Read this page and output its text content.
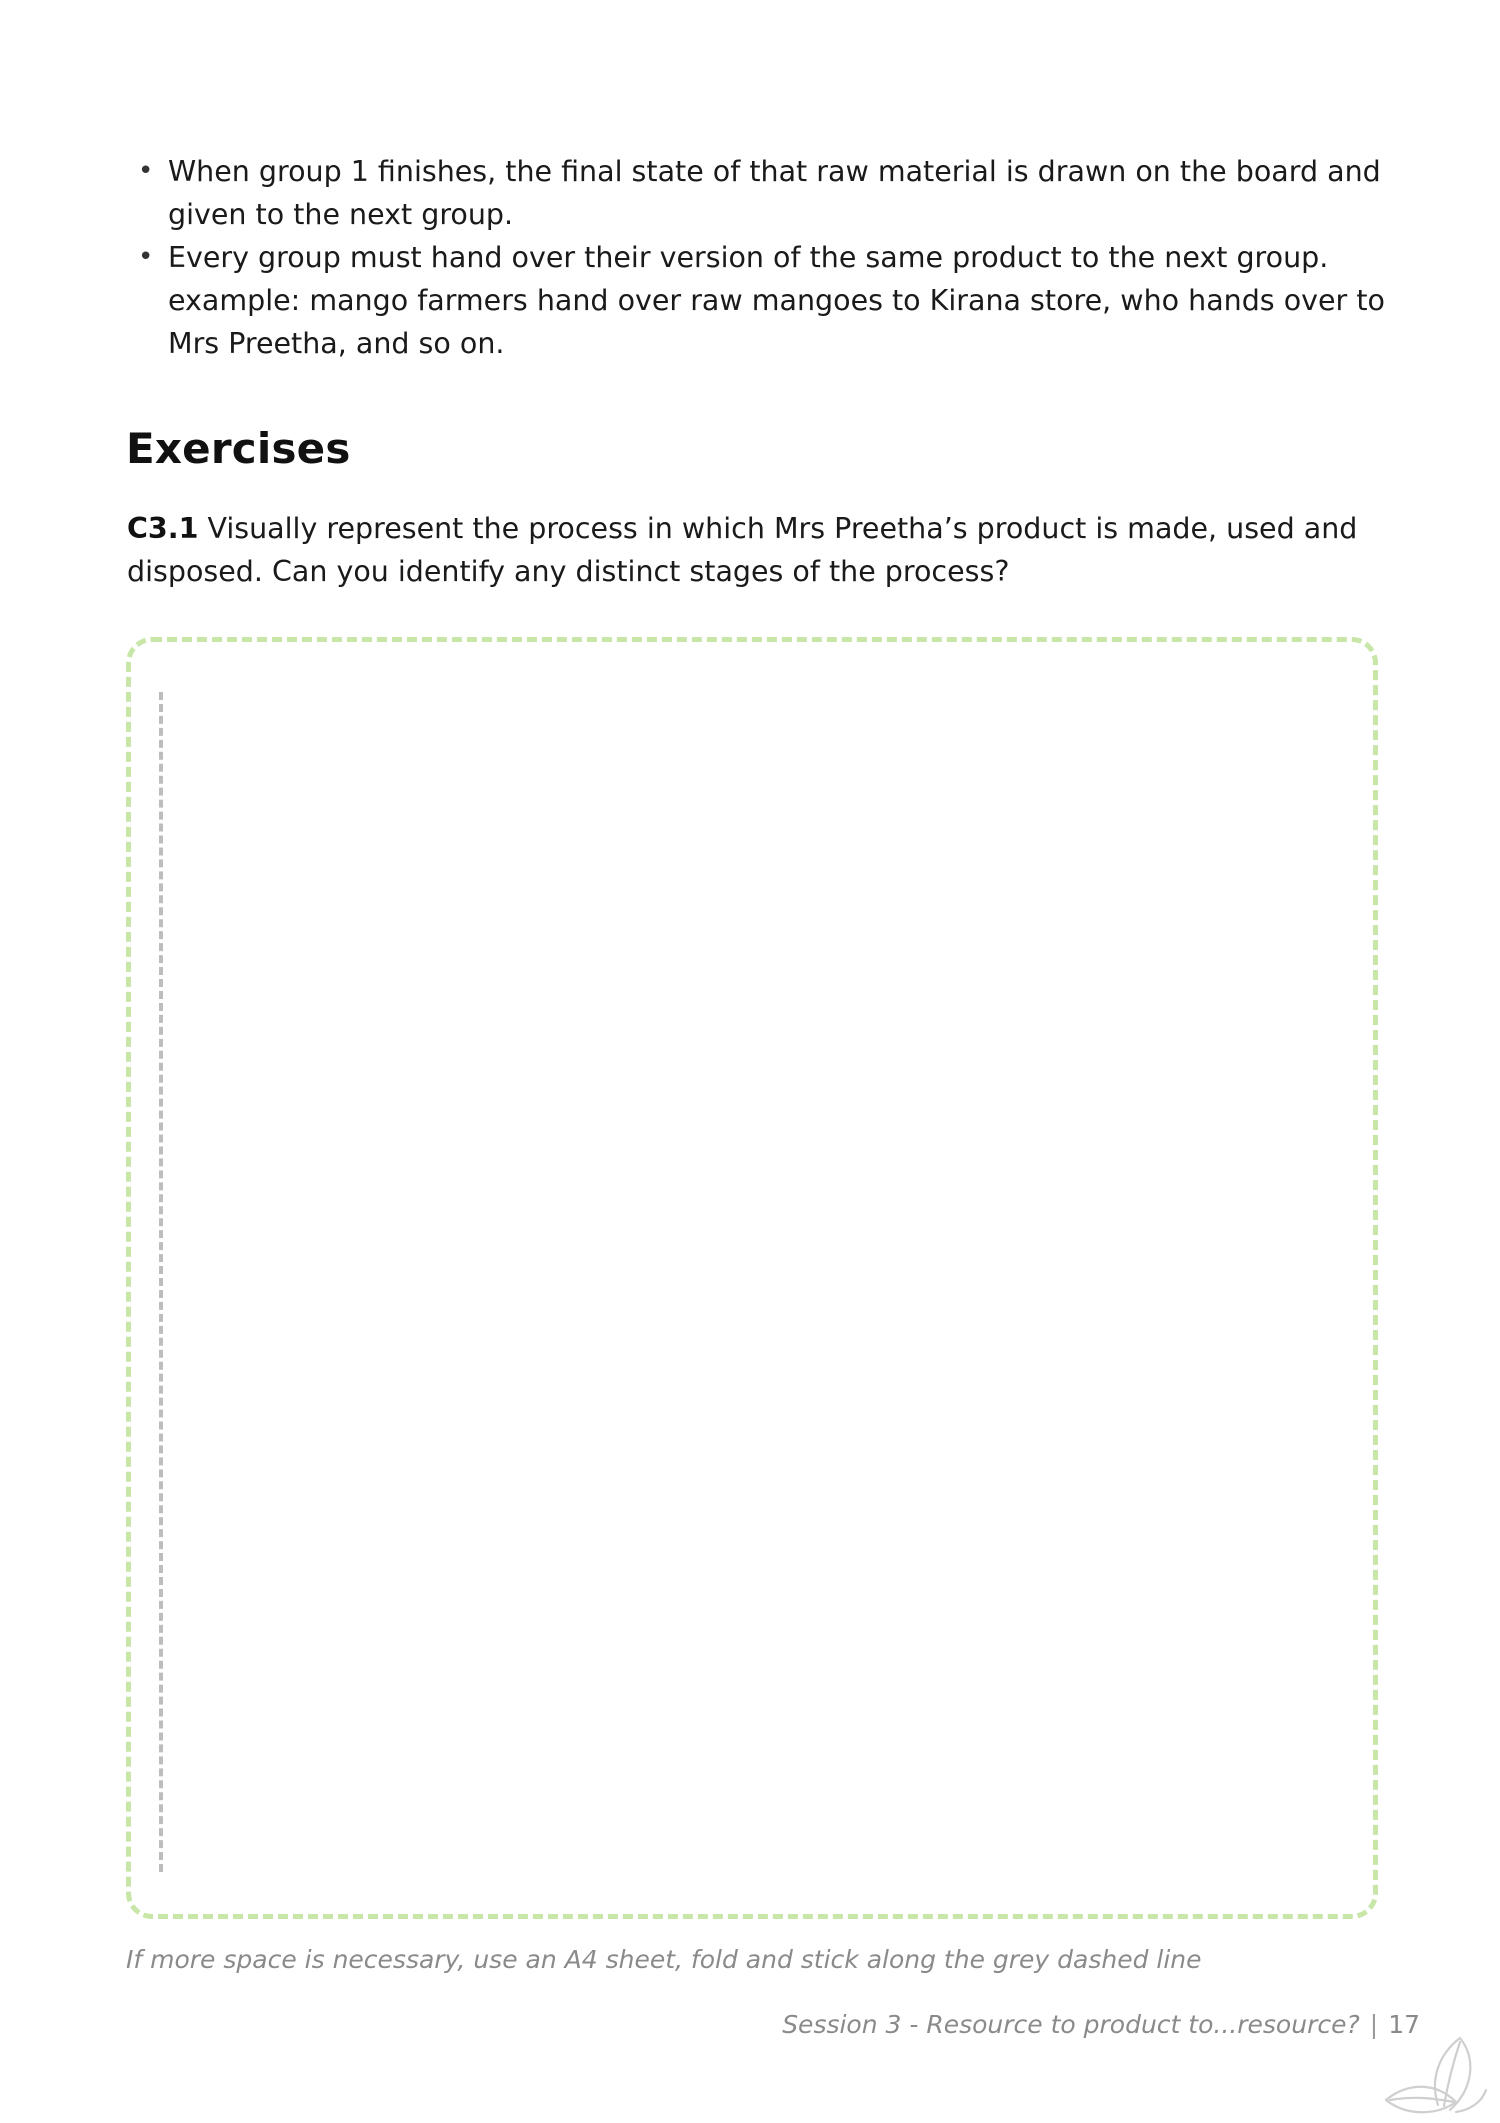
• When group 1 finishes, the final state of that raw material is drawn on the board and given to the next group.
• Every group must hand over their version of the same product to the next group. example: mango farmers hand over raw mangoes to Kirana store, who hands over to Mrs Preetha, and so on.
Exercises
C3.1 Visually represent the process in which Mrs Preetha’s product is made, used and disposed. Can you identify any distinct stages of the process?
If more space is necessary, use an A4 sheet, fold and stick along the grey dashed line
Session 3 - Resource to product to...resource? | 17
